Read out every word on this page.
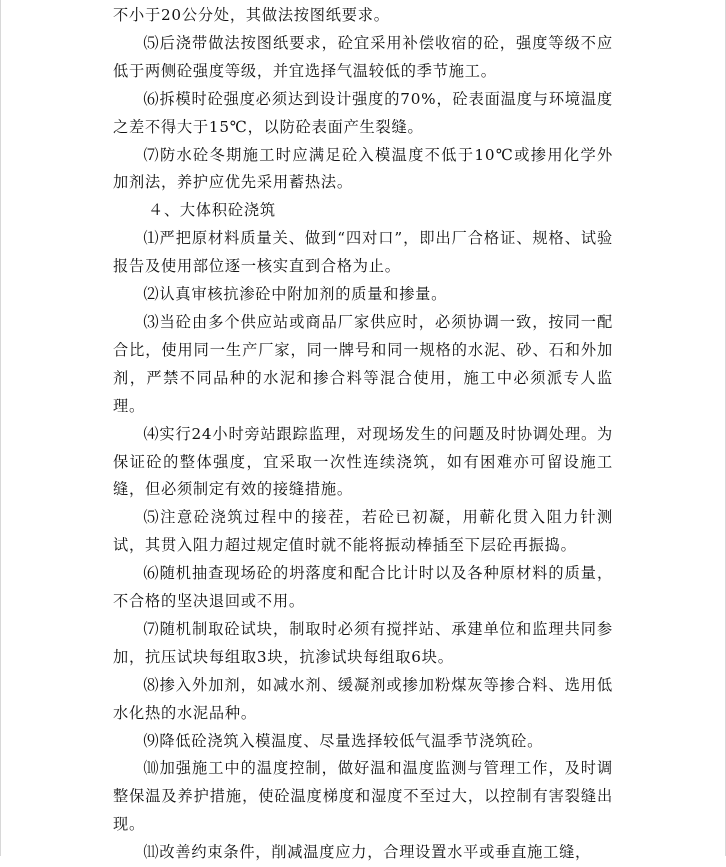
不小于20公分处，其做法按图纸要求。

⑸后浇带做法按图纸要求，砼宜采用补偿收宿的砼，强度等级不应低于两侧砼强度等级，并宜选择气温较低的季节施工。

⑹拆模时砼强度必须达到设计强度的70%，砼表面温度与环境温度之差不得大于15℃，以防砼表面产生裂缝。

⑺防水砼冬期施工时应满足砼入模温度不低于10℃或掺用化学外加剂法，养护应优先采用蓄热法。

４、大体积砼浇筑

⑴严把原材料质量关、做到“四对口”，即出厂合格证、规格、试验报告及使用部位逐一核实直到合格为止。

⑵认真审核抗渗砼中附加剂的质量和掺量。

⑶当砼由多个供应站或商品厂家供应时，必须协调一致，按同一配合比，使用同一生产厂家，同一牌号和同一规格的水泥、砂、石和外加剂，严禁不同品种的水泥和掺合料等混合使用，施工中必须派专人监理。

⑷实行24小时旁站跟踪监理，对现场发生的问题及时协调处理。为保证砼的整体强度，宜采取一次性连续浇筑，如有困难亦可留设施工缝，但必须制定有效的接缝措施。

⑸注意砼浇筑过程中的接茬，若砼已初凝，用蕲化贯入阻力针测试，其贯入阻力超过规定值时就不能将振动棒插至下层砼再振捣。

⑹随机抽查现场砼的坍落度和配合比计时以及各种原材料的质量，不合格的坚决退回或不用。

⑺随机制取砼试块，制取时必须有搅拌站、承建单位和监理共同参加，抗压试块每组取3块，抗渗试块每组取6块。

⑻掺入外加剂，如减水剂、缓凝剂或掺加粉煤灰等掺合料、选用低水化热的水泥品种。

⑼降低砼浇筑入模温度、尽量选择较低气温季节浇筑砼。

⑽加强施工中的温度控制，做好温和温度监测与管理工作，及时调整保温及养护措施，使砼温度梯度和湿度不至过大，以控制有害裂缝出现。

⑾改善约束条件，削减温度应力，合理设置水平或垂直施工缝，
